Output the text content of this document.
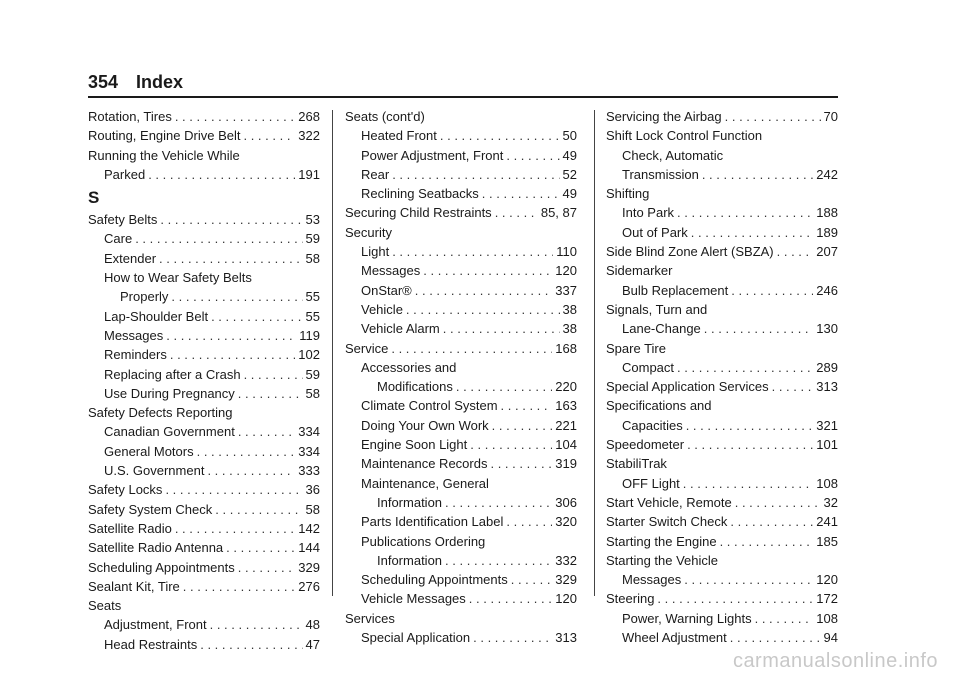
354 Index
Rotation, Tires . . .	268
Routing, Engine Drive Belt . . .	322
Running the Vehicle While
Parked . . .	191
S
Safety Belts . . .	53
Care . . .	59
Extender . . .	58
How to Wear Safety Belts
Properly . . .	55
Lap-Shoulder Belt . . .	55
Messages . . .	119
Reminders . . .	102
Replacing after a Crash . . .	59
Use During Pregnancy . . .	58
Safety Defects Reporting
Canadian Government . . .	334
General Motors . . .	334
U.S. Government . . .	333
Safety Locks . . .	36
Safety System Check . . .	58
Satellite Radio . . .	142
Satellite Radio Antenna . . .	144
Scheduling Appointments . . .	329
Sealant Kit, Tire . . .	276
Seats
Adjustment, Front . . .	48
Head Restraints . . .	47
Seats (cont'd)
Heated Front . . .	50
Power Adjustment, Front . . .	49
Rear . . .	52
Reclining Seatbacks . . .	49
Securing Child Restraints . . .	85, 87
Security
Light . . .	110
Messages . . .	120
OnStar® . . .	337
Vehicle . . .	38
Vehicle Alarm . . .	38
Service . . .	168
Accessories and
Modifications . . .	220
Climate Control System . . .	163
Doing Your Own Work . . .	221
Engine Soon Light . . .	104
Maintenance Records . . .	319
Maintenance, General
Information . . .	306
Parts Identification Label . . .	320
Publications Ordering
Information . . .	332
Scheduling Appointments . . .	329
Vehicle Messages . . .	120
Services
Special Application . . .	313
Servicing the Airbag . . .	70
Shift Lock Control Function
Check, Automatic
Transmission . . .	242
Shifting
Into Park . . .	188
Out of Park . . .	189
Side Blind Zone Alert (SBZA) . . .	207
Sidemarker
Bulb Replacement . . .	246
Signals, Turn and
Lane-Change . . .	130
Spare Tire
Compact . . .	289
Special Application Services . . .	313
Specifications and
Capacities . . .	321
Speedometer . . .	101
StabiliTrak
OFF Light . . .	108
Start Vehicle, Remote . . .	32
Starter Switch Check . . .	241
Starting the Engine . . .	185
Starting the Vehicle
Messages . . .	120
Steering . . .	172
Power, Warning Lights . . .	108
Wheel Adjustment . . .	94
carmanualsonline.info
